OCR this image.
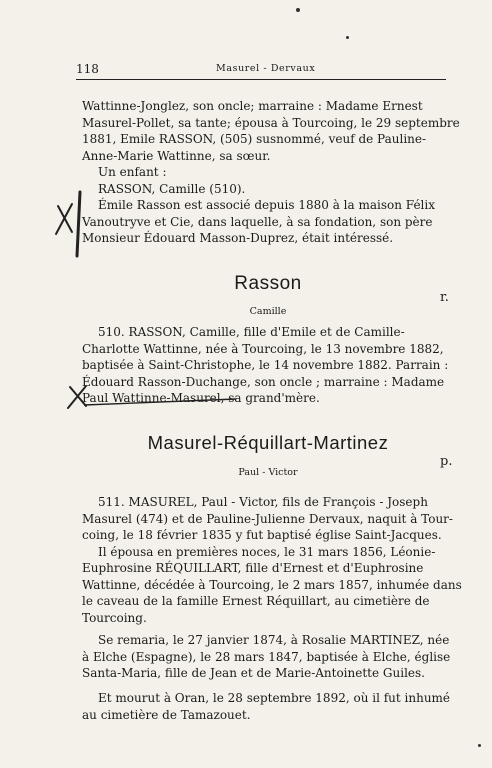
118	Masurel - Dervaux
Wattinne-Jonglez, son oncle; marraine : Madame Ernest
Masurel-Pollet, sa tante; épousa à Tourcoing, le 29 septembre
1881, Emile RASSON, (505) susnommé, veuf de Pauline-
Anne-Marie Wattinne, sa sœur.
Un enfant :
RASSON, Camille (510).
Émile Rasson est associé depuis 1880 à la maison Félix
Vanoutryve et Cie, dans laquelle, à sa fondation, son père
Monsieur Édouard Masson-Duprez, était intéressé.
Rasson
r.
Camille
510. RASSON, Camille, fille d'Emile et de Camille-
Charlotte Wattinne, née à Tourcoing, le 13 novembre 1882,
baptisée à Saint-Christophe, le 14 novembre 1882. Parrain :
Édouard Rasson-Duchange, son oncle ; marraine : Madame
Paul Wattinne-Masurel, sa grand'mère.
Masurel-Réquillart-Martinez
p.
Paul - Victor
511. MASUREL, Paul - Victor, fils de François - Joseph
Masurel (474) et de Pauline-Julienne Dervaux, naquit à Tour-
coing, le 18 février 1835 y fut baptisé église Saint-Jacques.
Il épousa en premières noces, le 31 mars 1856, Léonie-
Euphrosine RÉQUILLART, fille d'Ernest et d'Euphrosine
Wattinne, décédée à Tourcoing, le 2 mars 1857, inhumée dans
le caveau de la famille Ernest Réquillart, au cimetière de
Tourcoing.
Se remaria, le 27 janvier 1874, à Rosalie MARTINEZ, née
à Elche (Espagne), le 28 mars 1847, baptisée à Elche, église
Santa-Maria, fille de Jean et de Marie-Antoinette Guiles.
Et mourut à Oran, le 28 septembre 1892, où il fut inhumé
au cimetière de Tamazouet.
